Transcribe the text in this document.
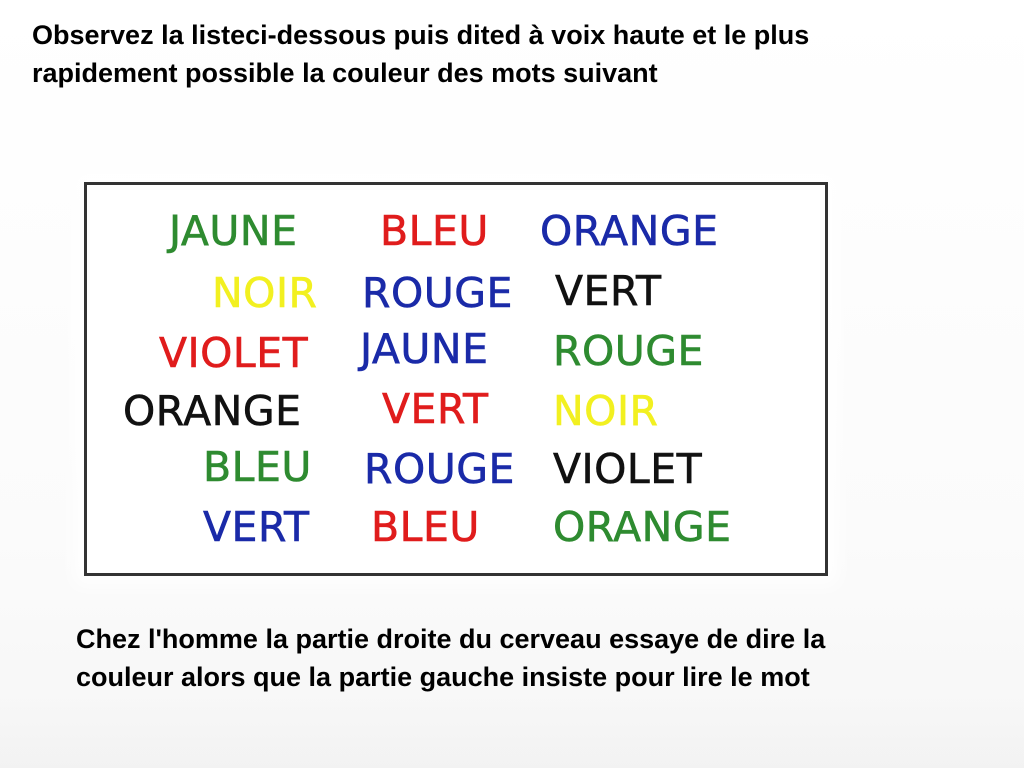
Observez la listeci-dessous puis dited à voix haute et le plus
rapidement possible la couleur des mots suivant
JAUNE BLEU ORANGE
NOIR ROUGE VERT
VIOLET JAUNE ROUGE
ORANGE VERT NOIR
BLEU ROUGE VIOLET
VERT BLEU ORANGE
Chez l'homme la partie droite du cerveau essaye de dire la
couleur alors que la partie gauche insiste pour lire le mot
